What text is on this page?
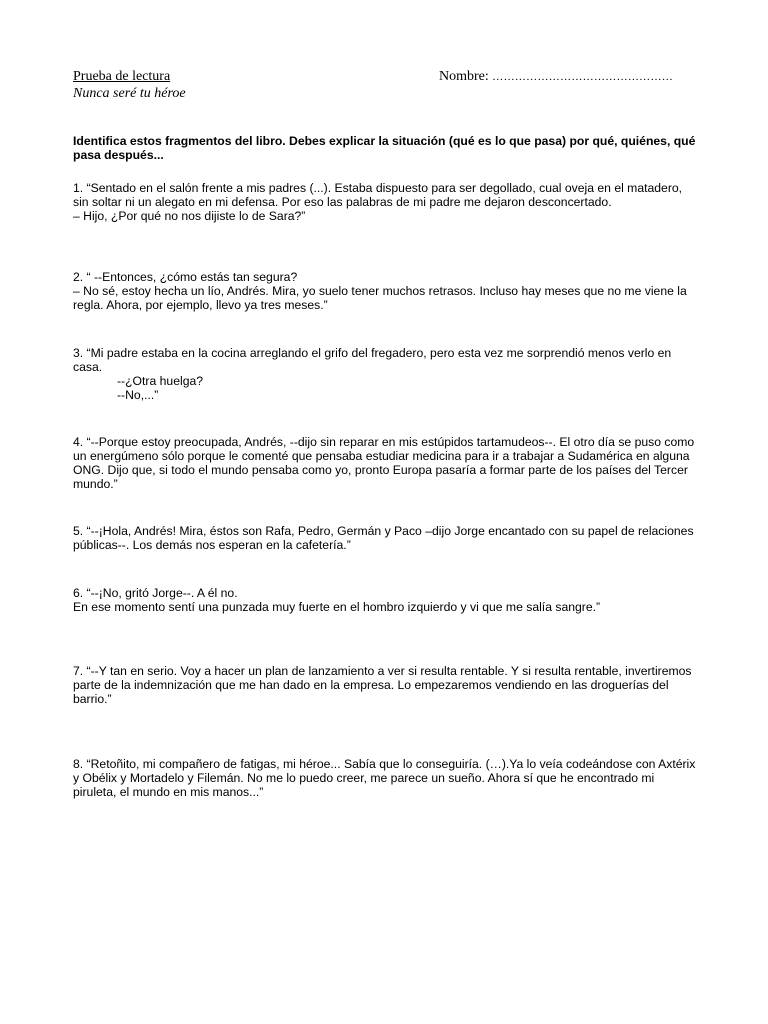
Prueba de lectura
Nunca seré tu héroe
Nombre: …………………………………………
Identifica estos fragmentos del libro. Debes explicar la situación (qué es lo que pasa) por qué, quiénes, qué pasa después...

1. “Sentado en el salón frente a mis padres (...). Estaba dispuesto para ser degollado, cual oveja en el matadero, sin soltar ni un alegato en mi defensa. Por eso las palabras de mi padre me dejaron desconcertado.

– Hijo, ¿Por qué no nos dijiste lo de Sara?”

2. “ --Entonces, ¿cómo estás tan segura?

– No sé, estoy hecha un lío, Andrés. Mira, yo suelo tener muchos retrasos. Incluso hay meses que no me viene la regla. Ahora, por ejemplo, llevo ya tres meses.”

3. “Mi padre estaba en la cocina arreglando el grifo del fregadero, pero esta vez me sorprendió menos verlo en casa.

--¿Otra huelga?

--No,...”

4. “--Porque estoy preocupada, Andrés, --dijo sin reparar en mis estúpidos tartamudeos--. El otro día se puso como un energúmeno sólo porque le comenté que pensaba estudiar medicina para ir a trabajar a Sudamérica en alguna ONG. Dijo que, si todo el mundo pensaba como yo, pronto Europa pasaría a formar parte de los países del Tercer mundo.”

5. “--¡Hola, Andrés! Mira, éstos son Rafa, Pedro, Germán y Paco –dijo Jorge encantado con su papel de relaciones públicas--. Los demás nos esperan en la cafetería.”

6. “--¡No, gritó Jorge--. A él no.

En ese momento sentí una punzada muy fuerte en el hombro izquierdo y vi que me salía sangre.”

7. “--Y tan en serio. Voy a hacer un plan de lanzamiento a ver si resulta rentable. Y si resulta rentable, invertiremos parte de la indemnización que me han dado en la empresa. Lo empezaremos vendiendo en las droguerías del barrio.”

8. “Retoñito, mi compañero de fatigas, mi héroe... Sabía que lo conseguiría. (…).Ya lo veía codeándose con Axtérix y Obélix y Mortadelo y Filemán. No me lo puedo creer, me parece un sueño. Ahora sí que he encontrado mi piruleta, el mundo en mis manos...”
